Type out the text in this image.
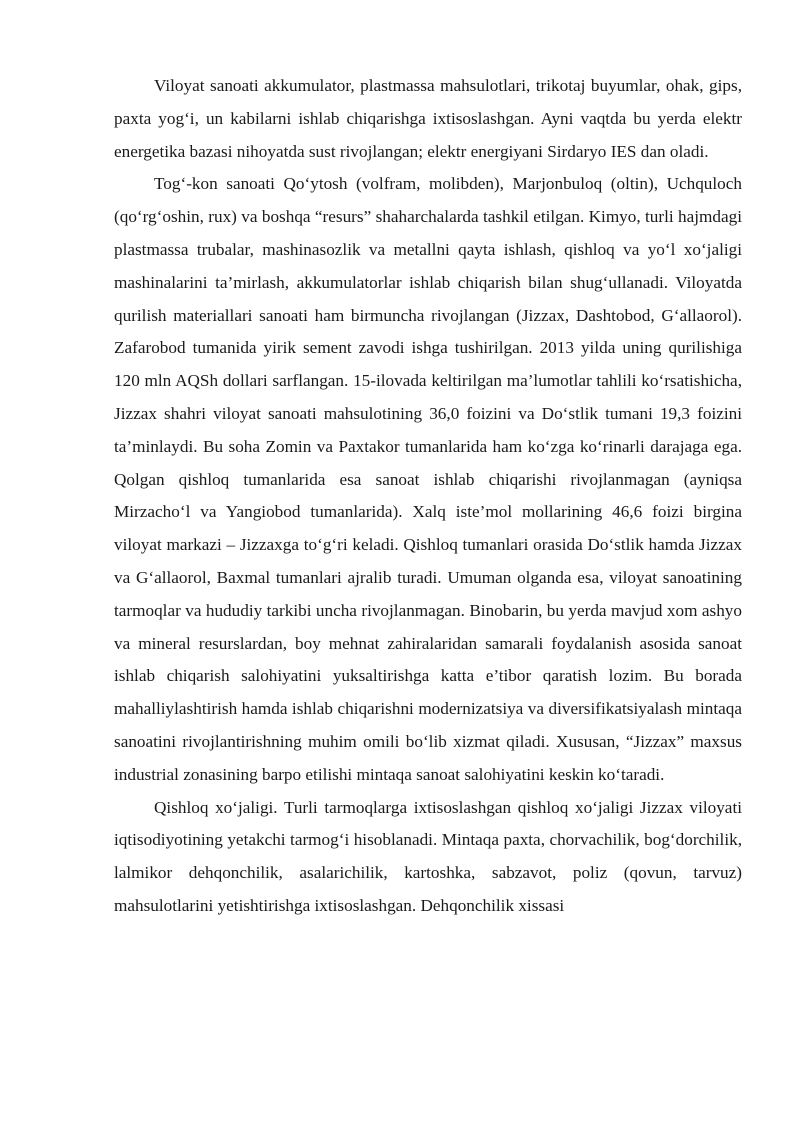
Viloyat sanoati akkumulator, plastmassa mahsulotlari, trikotaj buyumlar, ohak, gips, paxta yog‘i, un kabilarni ishlab chiqarishga ixtisoslashgan. Ayni vaqtda bu yerda elektr energetika bazasi nihoyatda sust rivojlangan; elektr energiyani Sirdaryo IES dan oladi.

Tog‘-kon sanoati Qo‘ytosh (volfram, molibden), Marjonbuloq (oltin), Uchquloch (qo‘rg‘oshin, rux) va boshqa “resurs” shaharchalarda tashkil etilgan. Kimyo, turli hajmdagi plastmassa trubalar, mashinasozlik va metallni qayta ishlash, qishloq va yo‘l xo‘jaligi mashinalarini ta’mirlash, akkumulatorlar ishlab chiqarish bilan shug‘ullanadi. Viloyatda qurilish materiallari sanoati ham birmuncha rivojlangan (Jizzax, Dashtobod, G‘allaorol). Zafarobod tumanida yirik sement zavodi ishga tushirilgan. 2013 yilda uning qurilishiga 120 mln AQSh dollari sarflangan. 15-ilovada keltirilgan ma’lumotlar tahlili ko‘rsatishicha, Jizzax shahri viloyat sanoati mahsulotining 36,0 foizini va Do‘stlik tumani 19,3 foizini ta’minlaydi. Bu soha Zomin va Paxtakor tumanlarida ham ko‘zga ko‘rinarli darajaga ega. Qolgan qishloq tumanlarida esa sanoat ishlab chiqarishi rivojlanmagan (ayniqsa Mirzacho‘l va Yangiobod tumanlarida). Xalq iste’mol mollarining 46,6 foizi birgina viloyat markazi – Jizzaxga to‘g‘ri keladi. Qishloq tumanlari orasida Do‘stlik hamda Jizzax va G‘allaorol, Baxmal tumanlari ajralib turadi. Umuman olganda esa, viloyat sanoatining tarmoqlar va hududiy tarkibi uncha rivojlanmagan. Binobarin, bu yerda mavjud xom ashyo va mineral resurslardan, boy mehnat zahiralaridan samarali foydalanish asosida sanoat ishlab chiqarish salohiyatini yuksaltirishga katta e’tibor qaratish lozim. Bu borada mahalliylashtirish hamda ishlab chiqarishni modernizatsiya va diversifikatsiyalash mintaqa sanoatini rivojlantirishning muhim omili bo‘lib xizmat qiladi. Xususan, “Jizzax” maxsus industrial zonasining barpo etilishi mintaqa sanoat salohiyatini keskin ko‘taradi.

Qishloq xo‘jaligi. Turli tarmoqlarga ixtisoslashgan qishloq xo‘jaligi Jizzax viloyati iqtisodiyotining yetakchi tarmog‘i hisoblanadi. Mintaqa paxta, chorvachilik, bog‘dorchilik, lalmikor dehqonchilik, asalarichilik, kartoshka, sabzavot, poliz (qovun, tarvuz) mahsulotlarini yetishtirishga ixtisoslashgan. Dehqonchilik xissasi
